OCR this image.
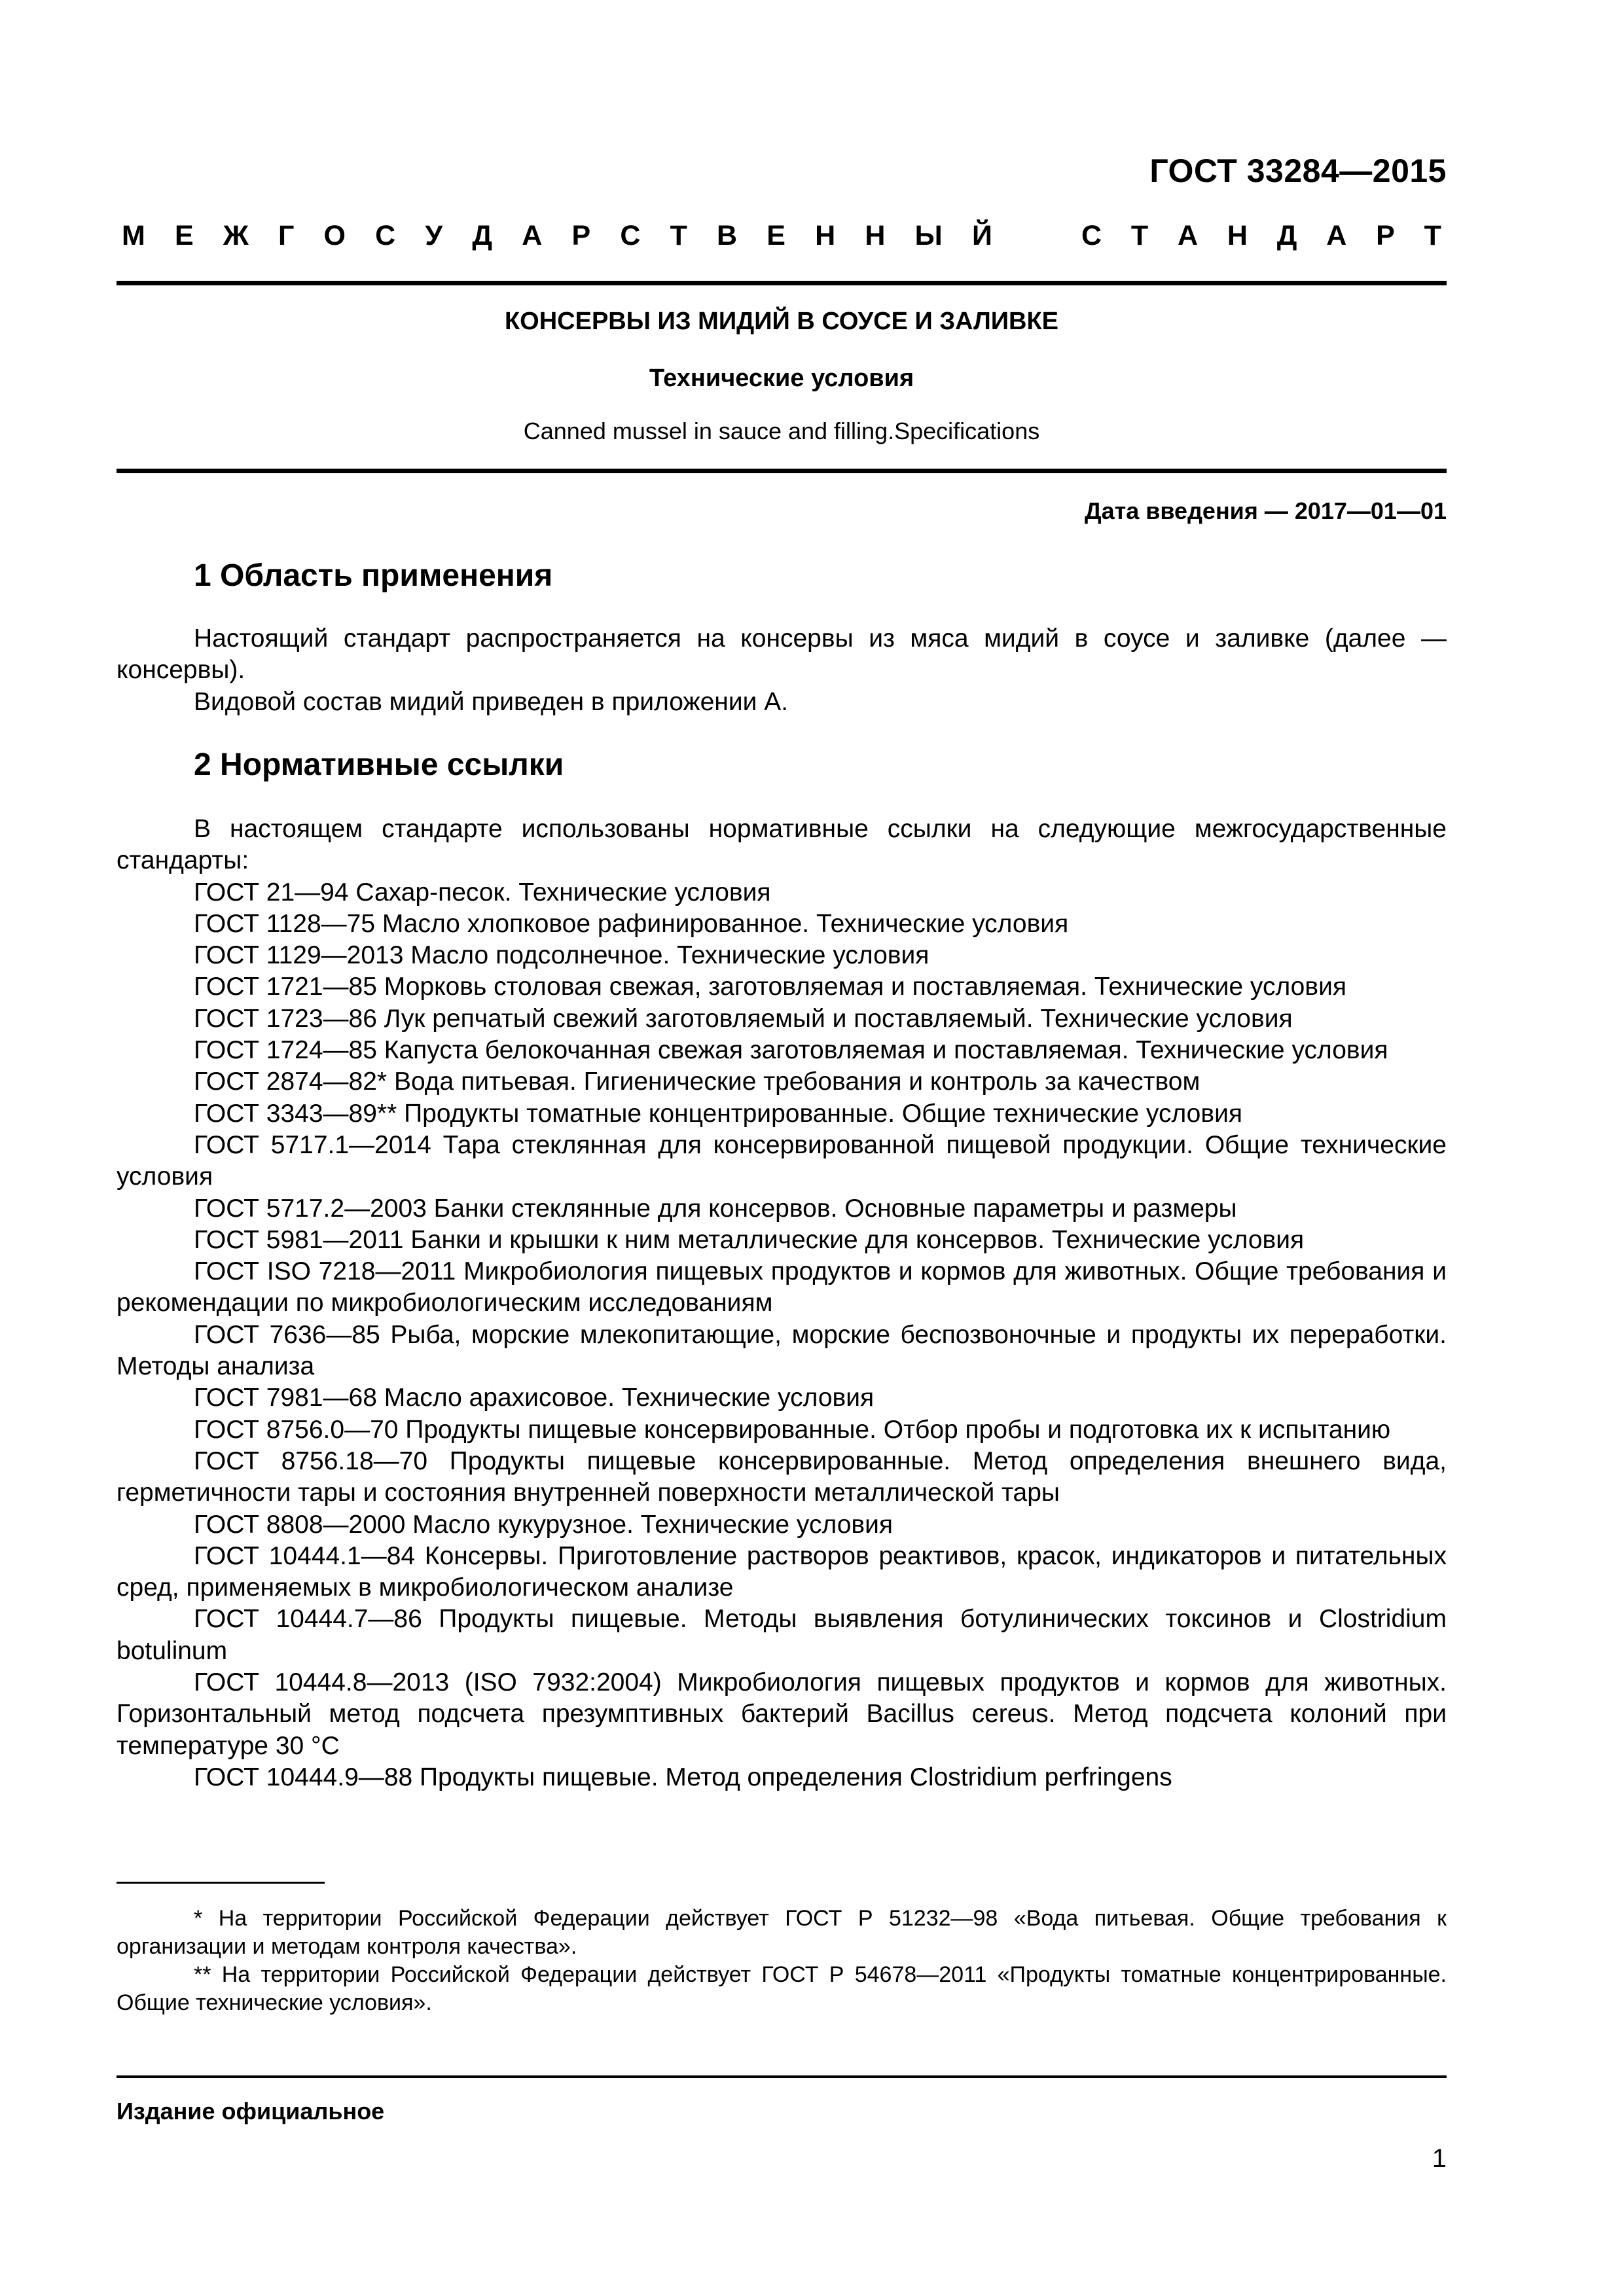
ГОСТ 33284—2015
М Е Ж Г О С У Д А Р С Т В Е Н Н Ы Й	С Т А Н Д А Р Т
КОНСЕРВЫ ИЗ МИДИЙ В СОУСЕ И ЗАЛИВКЕ
Технические условия
Canned mussel in sauce and filling.Specifications
Дата введения — 2017—01—01
1 Область применения

Настоящий стандарт распространяется на консервы из мяса мидий в соусе и заливке (далее — консервы).

Видовой состав мидий приведен в приложении А.

2 Нормативные ссылки

В настоящем стандарте использованы нормативные ссылки на следующие межгосударственные стандарты:

ГОСТ 21—94 Сахар-песок. Технические условия

ГОСТ 1128—75 Масло хлопковое рафинированное. Технические условия

ГОСТ 1129—2013 Масло подсолнечное. Технические условия

ГОСТ 1721—85 Морковь столовая свежая, заготовляемая и поставляемая. Технические условия

ГОСТ 1723—86 Лук репчатый свежий заготовляемый и поставляемый. Технические условия

ГОСТ 1724—85 Капуста белокочанная свежая заготовляемая и поставляемая. Технические условия

ГОСТ 2874—82* Вода питьевая. Гигиенические требования и контроль за качеством

ГОСТ 3343—89** Продукты томатные концентрированные. Общие технические условия

ГОСТ 5717.1—2014 Тара стеклянная для консервированной пищевой продукции. Общие технические условия

ГОСТ 5717.2—2003 Банки стеклянные для консервов. Основные параметры и размеры

ГОСТ 5981—2011 Банки и крышки к ним металлические для консервов. Технические условия

ГОСТ ISO 7218—2011 Микробиология пищевых продуктов и кормов для животных. Общие требования и рекомендации по микробиологическим исследованиям

ГОСТ 7636—85 Рыба, морские млекопитающие, морские беспозвоночные и продукты их переработки. Методы анализа

ГОСТ 7981—68 Масло арахисовое. Технические условия

ГОСТ 8756.0—70 Продукты пищевые консервированные. Отбор пробы и подготовка их к испытанию

ГОСТ 8756.18—70 Продукты пищевые консервированные. Метод определения внешнего вида, герметичности тары и состояния внутренней поверхности металлической тары

ГОСТ 8808—2000 Масло кукурузное. Технические условия

ГОСТ 10444.1—84 Консервы. Приготовление растворов реактивов, красок, индикаторов и питательных сред, применяемых в микробиологическом анализе

ГОСТ 10444.7—86 Продукты пищевые. Методы выявления ботулинических токсинов и Clostridium botulinum

ГОСТ 10444.8—2013 (ISO 7932:2004) Микробиология пищевых продуктов и кормов для животных. Горизонтальный метод подсчета презумптивных бактерий Bacillus cereus. Метод подсчета колоний при температуре 30 °С

ГОСТ 10444.9—88 Продукты пищевые. Метод определения Clostridium perfringens

* На территории Российской Федерации действует ГОСТ Р 51232—98 «Вода питьевая. Общие требования к организации и методам контроля качества».

** На территории Российской Федерации действует ГОСТ Р 54678—2011 «Продукты томатные концентрированные. Общие технические условия».

Издание официальное
1
